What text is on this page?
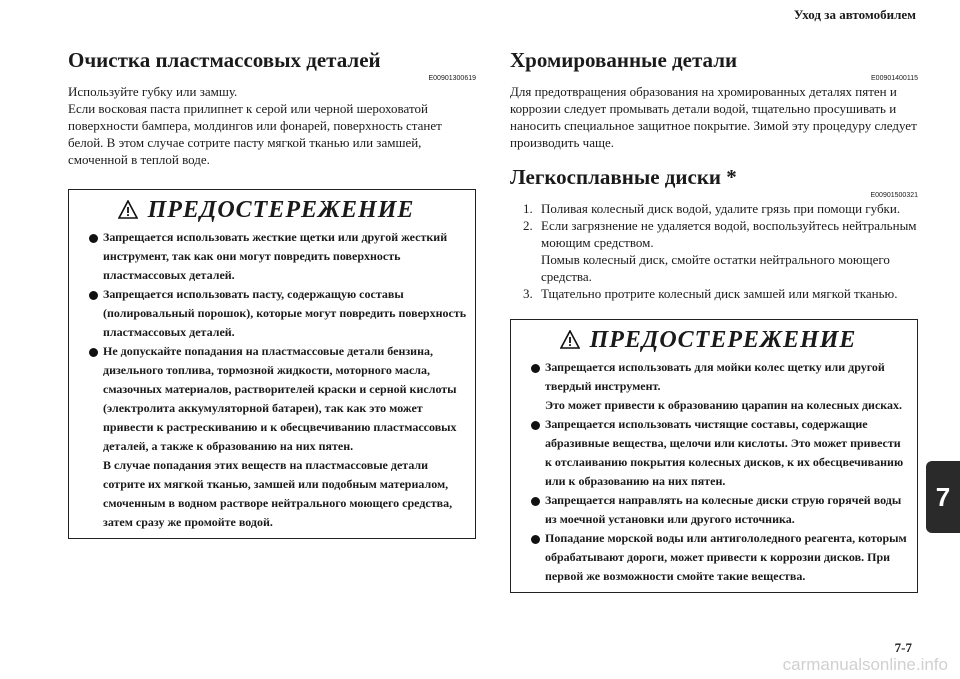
Уход за автомобилем
Очистка пластмассовых деталей
E00901300619

Используйте губку или замшу.

Если восковая паста прилипнет к серой или черной шероховатой поверхности бампера, молдингов или фонарей, поверхность станет белой. В этом случае сотрите пасту мягкой тканью или замшей, смоченной в теплой воде.

ПРЕДОСТЕРЕЖЕНИЕ
Запрещается использовать жесткие щетки или другой жесткий инструмент, так как они могут повредить поверхность пластмассовых деталей.
Запрещается использовать пасту, содержащую составы (полировальный порошок), которые могут повредить поверхность пластмассовых деталей.
Не допускайте попадания на пластмассовые детали бензина, дизельного топлива, тормозной жидкости, моторного масла, смазочных материалов, растворителей краски и серной кислоты (электролита аккумуляторной батареи), так как это может привести к растрескиванию и к обесцвечиванию пластмассовых деталей, а также к образованию на них пятен.
В случае попадания этих веществ на пластмассовые детали сотрите их мягкой тканью, замшей или подобным материалом, смоченным в водном растворе нейтрального моющего средства, затем сразу же промойте водой.
Хромированные детали
E00901400115

Для предотвращения образования на хромированных деталях пятен и коррозии следует промывать детали водой, тщательно просушивать и наносить специальное защитное покрытие. Зимой эту процедуру следует производить чаще.

Легкосплавные диски *
E00901500321
1. Поливая колесный диск водой, удалите грязь при помощи губки.
2. Если загрязнение не удаляется водой, воспользуйтесь нейтральным моющим средством.
Помыв колесный диск, смойте остатки нейтрального моющего средства.
3. Тщательно протрите колесный диск замшей или мягкой тканью.
ПРЕДОСТЕРЕЖЕНИЕ
Запрещается использовать для мойки колес щетку или другой твердый инструмент.
Это может привести к образованию царапин на колесных дисках.
Запрещается использовать чистящие составы, содержащие абразивные вещества, щелочи или кислоты. Это может привести к отслаиванию покрытия колесных дисков, к их обесцвечиванию или к образованию на них пятен.
Запрещается направлять на колесные диски струю горячей воды из моечной установки или другого источника.
Попадание морской воды или антигололедного реагента, которым обрабатывают дороги, может привести к коррозии дисков. При первой же возможности смойте такие вещества.
7
7-7
carmanualsonline.info
